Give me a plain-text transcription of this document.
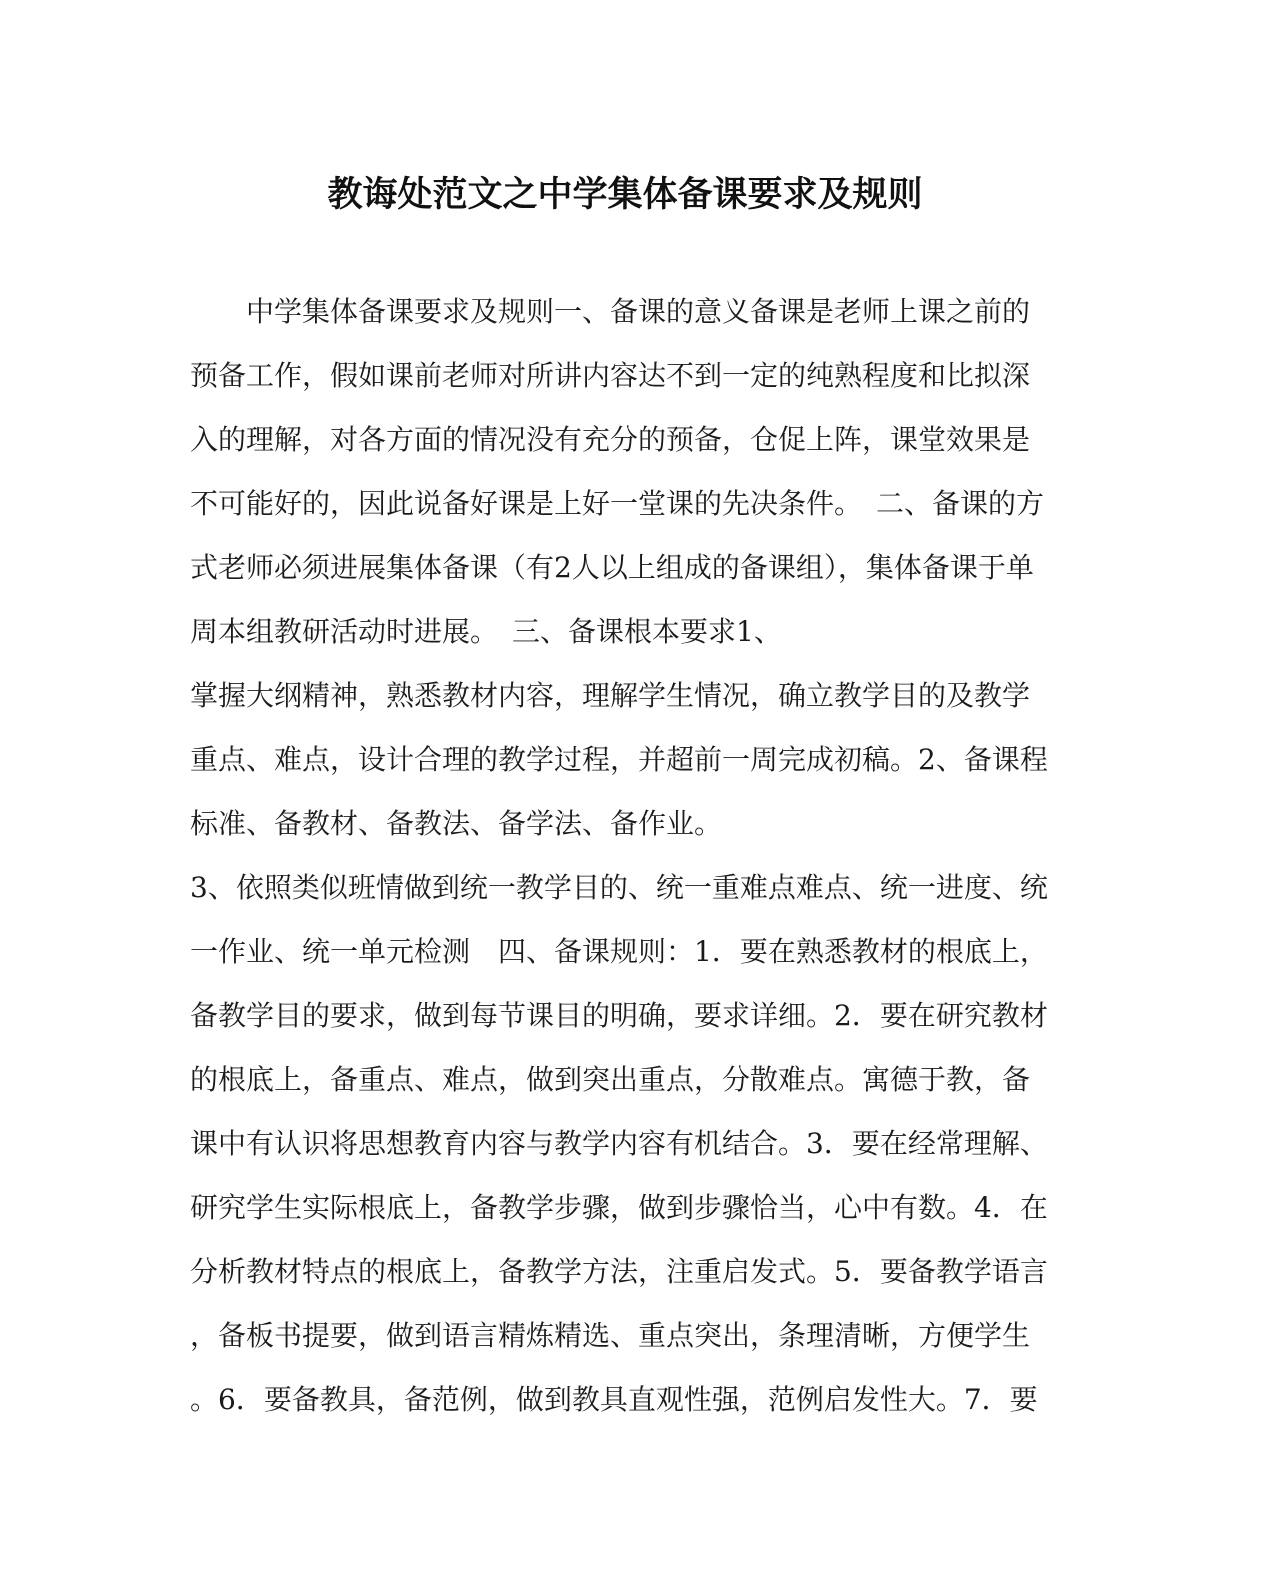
教诲处范文之中学集体备课要求及规则
　　中学集体备课要求及规则一、备课的意义备课是老师上课之前的
预备工作，假如课前老师对所讲内容达不到一定的纯熟程度和比拟深
入的理解，对各方面的情况没有充分的预备，仓促上阵，课堂效果是
不可能好的，因此说备好课是上好一堂课的先决条件。　二、备课的方
式老师必须进展集体备课（有2人以上组成的备课组），集体备课于单
周本组教研活动时进展。　三、备课根本要求1、
掌握大纲精神，熟悉教材内容，理解学生情况，确立教学目的及教学
重点、难点，设计合理的教学过程，并超前一周完成初稿。2、备课程
标准、备教材、备教法、备学法、备作业。
3、依照类似班情做到统一教学目的、统一重难点难点、统一进度、统
一作业、统一单元检测　四、备课规则：1．要在熟悉教材的根底上，
备教学目的要求，做到每节课目的明确，要求详细。2．要在研究教材
的根底上，备重点、难点，做到突出重点，分散难点。寓德于教，备
课中有认识将思想教育内容与教学内容有机结合。3．要在经常理解、
研究学生实际根底上，备教学步骤，做到步骤恰当，心中有数。4．在
分析教材特点的根底上，备教学方法，注重启发式。5．要备教学语言
，备板书提要，做到语言精炼精选、重点突出，条理清晰，方便学生
。6．要备教具，备范例，做到教具直观性强，范例启发性大。7．要
